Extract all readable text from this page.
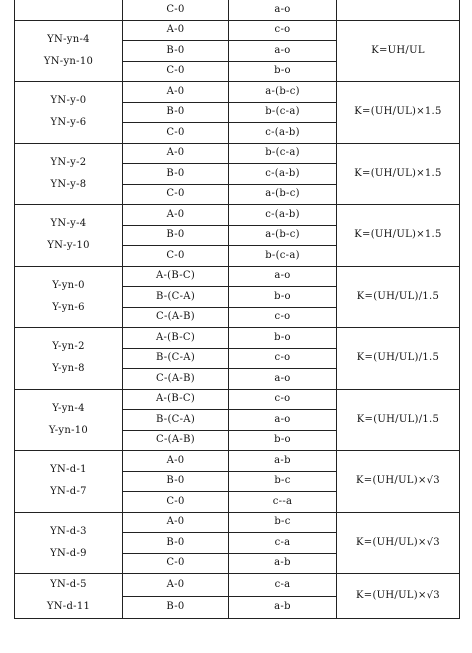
	C-0	a-o	

YN-yn-4
YN-yn-10	A-0	c-o	K=UH/UL
	B-0	a-o	
	C-0	b-o	

YN-y-0
YN-y-6	A-0	a-(b-c)	K=(UH/UL)×1.5
	B-0	b-(c-a)	
	C-0	c-(a-b)	

YN-y-2
YN-y-8	A-0	b-(c-a)	K=(UH/UL)×1.5
	B-0	c-(a-b)	
	C-0	a-(b-c)	

YN-y-4
YN-y-10	A-0	c-(a-b)	K=(UH/UL)×1.5
	B-0	a-(b-c)	
	C-0	b-(c-a)	

Y-yn-0
Y-yn-6	A-(B-C)	a-o	K=(UH/UL)/1.5
	B-(C-A)	b-o	
	C-(A-B)	c-o	

Y-yn-2
Y-yn-8	A-(B-C)	b-o	K=(UH/UL)/1.5
	B-(C-A)	c-o	
	C-(A-B)	a-o	

Y-yn-4
Y-yn-10	A-(B-C)	c-o	K=(UH/UL)/1.5
	B-(C-A)	a-o	
	C-(A-B)	b-o	

YN-d-1
YN-d-7	A-0	a-b	K=(UH/UL)×√3
	B-0	b-c	
	C-0	c--a	

YN-d-3
YN-d-9	A-0	b-c	K=(UH/UL)×√3
	B-0	c-a	
	C-0	a-b	

YN-d-5
YN-d-11	A-0	c-a	K=(UH/UL)×√3
	B-0	a-b	
